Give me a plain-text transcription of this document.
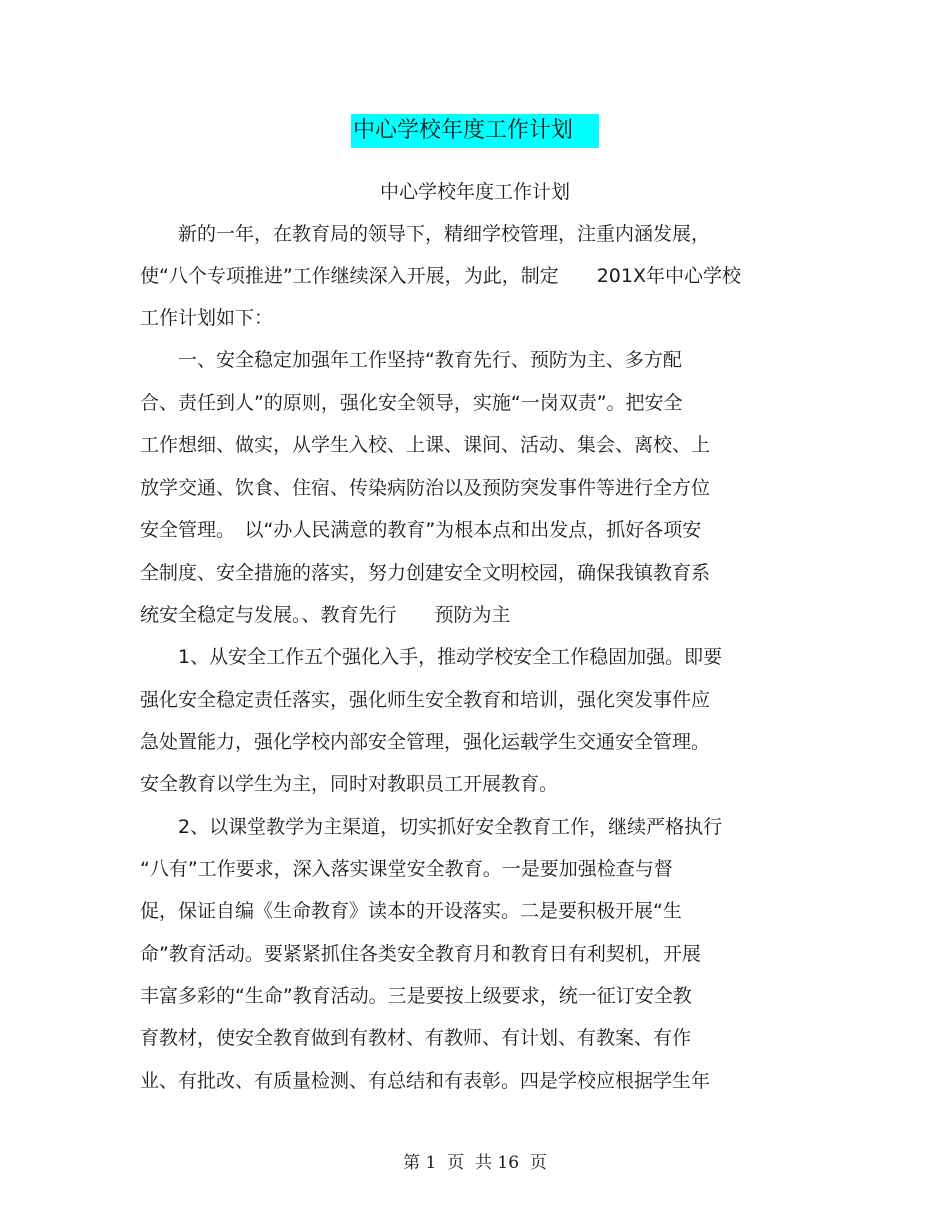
中心学校年度工作计划
中心学校年度工作计划
　　新的一年，在教育局的领导下，精细学校管理，注重内涵发展，
使“八个专项推进”工作继续深入开展，为此，制定　　201X年中心学校
工作计划如下：
　　一、安全稳定加强年工作坚持“教育先行、预防为主、多方配
合、责任到人”的原则，强化安全领导，实施“一岗双责”。把安全
工作想细、做实，从学生入校、上课、课间、活动、集会、离校、上
放学交通、饮食、住宿、传染病防治以及预防突发事件等进行全方位
安全管理。　以“办人民满意的教育”为根本点和出发点，抓好各项安
全制度、安全措施的落实，努力创建安全文明校园，确保我镇教育系
统安全稳定与发展。、教育先行　　预防为主
　　1、从安全工作五个强化入手，推动学校安全工作稳固加强。即要
强化安全稳定责任落实，强化师生安全教育和培训，强化突发事件应
急处置能力，强化学校内部安全管理，强化运载学生交通安全管理。
安全教育以学生为主，同时对教职员工开展教育。
　　2、以课堂教学为主渠道，切实抓好安全教育工作，继续严格执行
“八有”工作要求，深入落实课堂安全教育。一是要加强检查与督
促，保证自编《生命教育》读本的开设落实。二是要积极开展“生
命”教育活动。要紧紧抓住各类安全教育月和教育日有利契机，开展
丰富多彩的“生命”教育活动。三是要按上级要求，统一征订安全教
育教材，使安全教育做到有教材、有教师、有计划、有教案、有作
业、有批改、有质量检测、有总结和有表彰。四是学校应根据学生年
第 1  页  共 16  页
